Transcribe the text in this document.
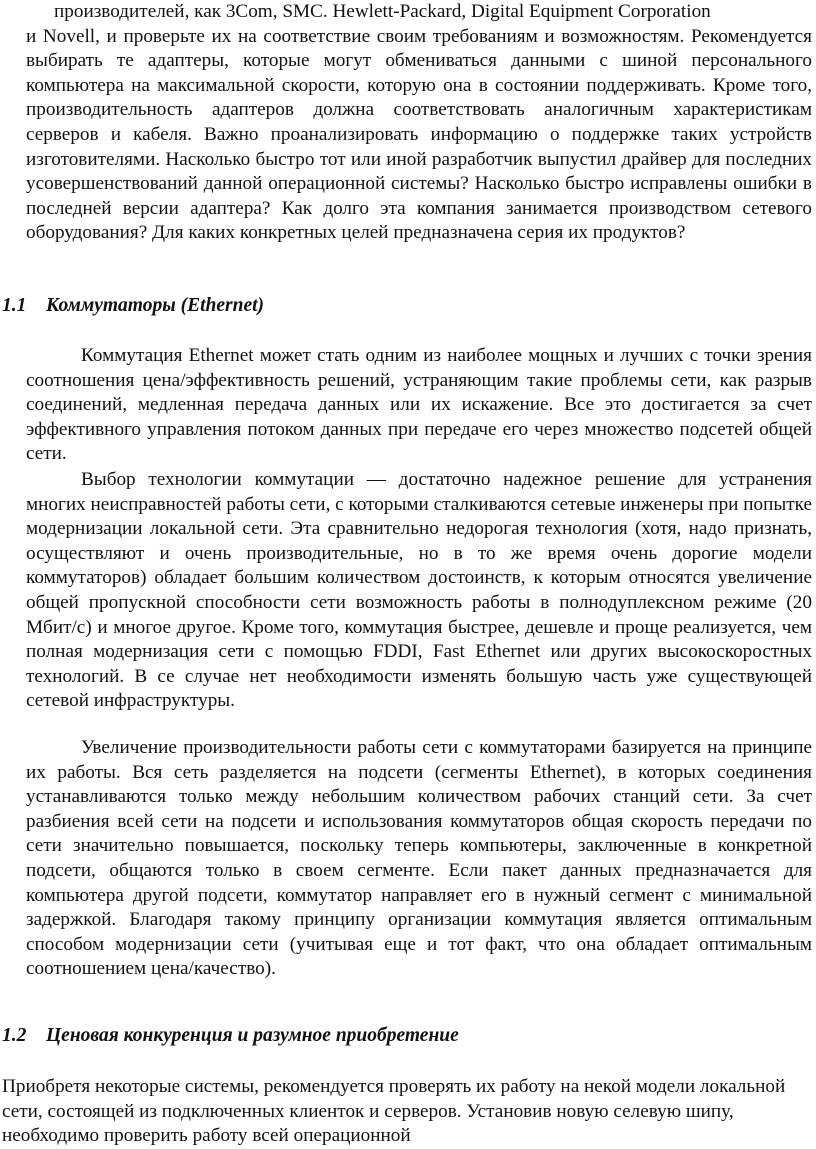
производителей, как 3Com, SMC. Hewlett-Packard, Digital Equipment Corporation

и Novell, и проверьте их на соответствие своим требованиям и возможностям. Рекомендуется выбирать те адаптеры, которые могут обмениваться данными с шиной персонального компьютера на максимальной скорости, которую она в состоянии поддерживать. Кроме того, производительность адаптеров должна соответствовать аналогичным характеристикам серверов и кабеля. Важно проанализировать информацию о поддержке таких устройств изготовителями. Насколько быстро тот или иной разработчик выпустил драйвер для последних усовершенствований данной операционной системы? Насколько быстро исправлены ошибки в последней версии адаптера? Как долго эта компания занимается производством сетевого оборудования? Для каких конкретных целей предназначена серия их продуктов?

1.1 Коммутаторы (Ethernet)

Коммутация Ethernet может стать одним из наиболее мощных и лучших с точки зрения соотношения цена/эффективность решений, устраняющим такие проблемы сети, как разрыв соединений, медленная передача данных или их искажение. Все это достигается за счет эффективного управления потоком данных при передаче его через множество подсетей общей сети.

Выбор технологии коммутации — достаточно надежное решение для устранения многих неисправностей работы сети, с которыми сталкиваются сетевые инженеры при попытке модернизации локальной сети. Эта сравнительно недорогая технология (хотя, надо признать, осуществляют и очень производительные, но в то же время очень дорогие модели коммутаторов) обладает большим количеством достоинств, к которым относятся увеличение общей пропускной способности сети возможность работы в полнодуплексном режиме (20 Мбит/с) и многое другое. Кроме того, коммутация быстрее, дешевле и проще реализуется, чем полная модернизация сети с помощью FDDI, Fast Ethernet или других высокоскоростных технологий. В се случае нет необходимости изменять большую часть уже существующей сетевой инфраструктуры.

Увеличение производительности работы сети с коммутаторами базируется на принципе их работы. Вся сеть разделяется на подсети (сегменты Ethernet), в которых соединения устанавливаются только между небольшим количеством рабочих станций сети. За счет разбиения всей сети на подсети и использования коммутаторов общая скорость передачи по сети значительно повышается, поскольку теперь компьютеры, заключенные в конкретной подсети, общаются только в своем сегменте. Если пакет данных предназначается для компьютера другой подсети, коммутатор направляет его в нужный сегмент с минимальной задержкой. Благодаря такому принципу организации коммутация является оптимальным способом модернизации сети (учитывая еще и тот факт, что она обладает оптимальным соотношением цена/качество).

1.2 Ценовая конкуренция и разумное приобретение

Приобретя некоторые системы, рекомендуется проверять их работу на некой модели локальной сети, состоящей из подключенных клиенток и серверов. Установив новую селевую шипу, необходимо проверить работу всей операционной
